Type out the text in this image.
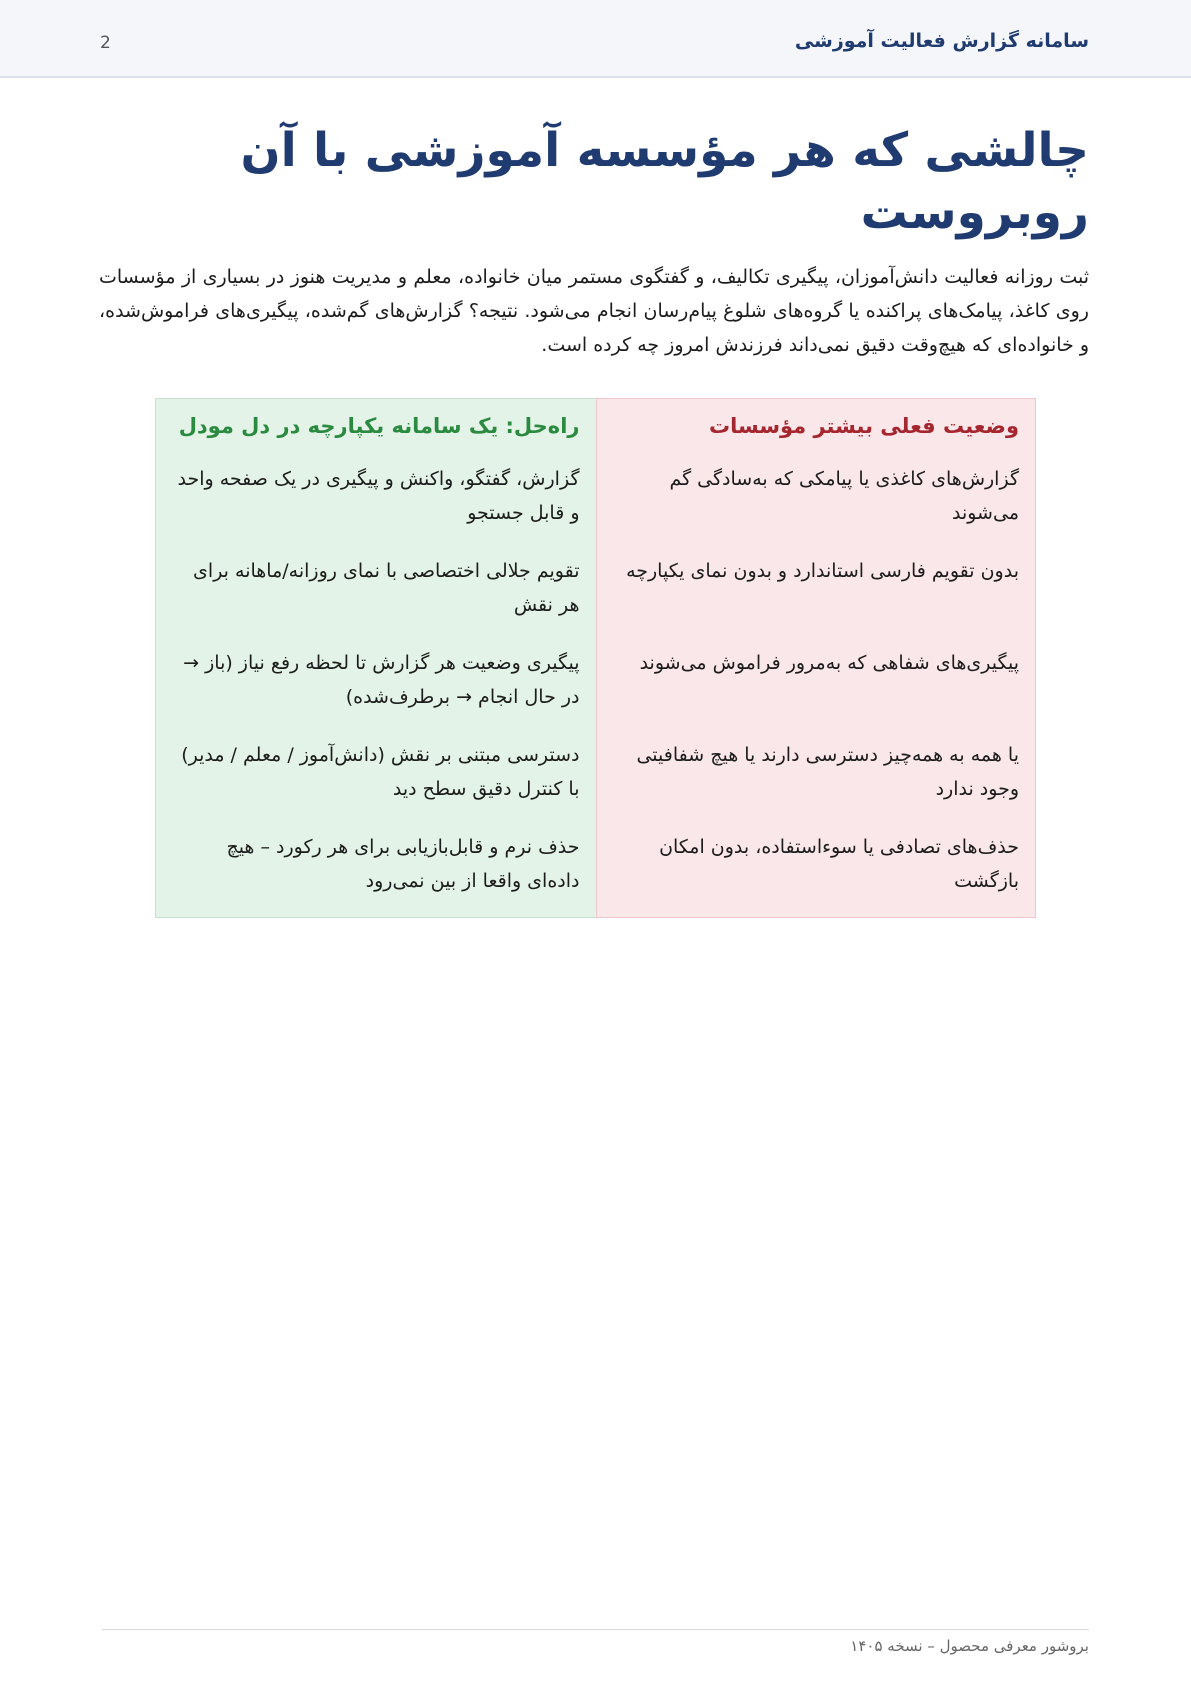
سامانه گزارش فعالیت آموزشی
2
چالشی که هر مؤسسه آموزشی با آن روبروست

ثبت روزانه فعالیت دانش‌آموزان، پیگیری تکالیف، و گفتگوی مستمر میان خانواده، معلم و مدیریت هنوز در بسیاری از مؤسسات روی کاغذ، پیامک‌های پراکنده یا گروه‌های شلوغ پیام‌رسان انجام می‌شود. نتیجه؟ گزارش‌های گم‌شده، پیگیری‌های فراموش‌شده، و خانواده‌ای که هیچ‌وقت دقیق نمی‌داند فرزندش امروز چه کرده است.

وضعیت فعلی بیشتر مؤسسات
گزارش‌های کاغذی یا پیامکی که به‌سادگی گم می‌شوند
بدون تقویم فارسی استاندارد و بدون نمای یکپارچه
پیگیری‌های شفاهی که به‌مرور فراموش می‌شوند
یا همه به همه‌چیز دسترسی دارند یا هیچ شفافیتی وجود ندارد
حذف‌های تصادفی یا سوءاستفاده، بدون امکان بازگشت
راه‌حل: یک سامانه یکپارچه در دل مودل
گزارش، گفتگو، واکنش و پیگیری در یک صفحه واحد و قابل جستجو
تقویم جلالی اختصاصی با نمای روزانه/ماهانه برای هر نقش
پیگیری وضعیت هر گزارش تا لحظه رفع نیاز (باز → در حال انجام → برطرف‌شده)
دسترسی مبتنی بر نقش (دانش‌آموز / معلم / مدیر) با کنترل دقیق سطح دید
حذف نرم و قابل‌بازیابی برای هر رکورد – هیچ داده‌ای واقعا از بین نمی‌رود
بروشور معرفی محصول – نسخه ۱۴۰۵
